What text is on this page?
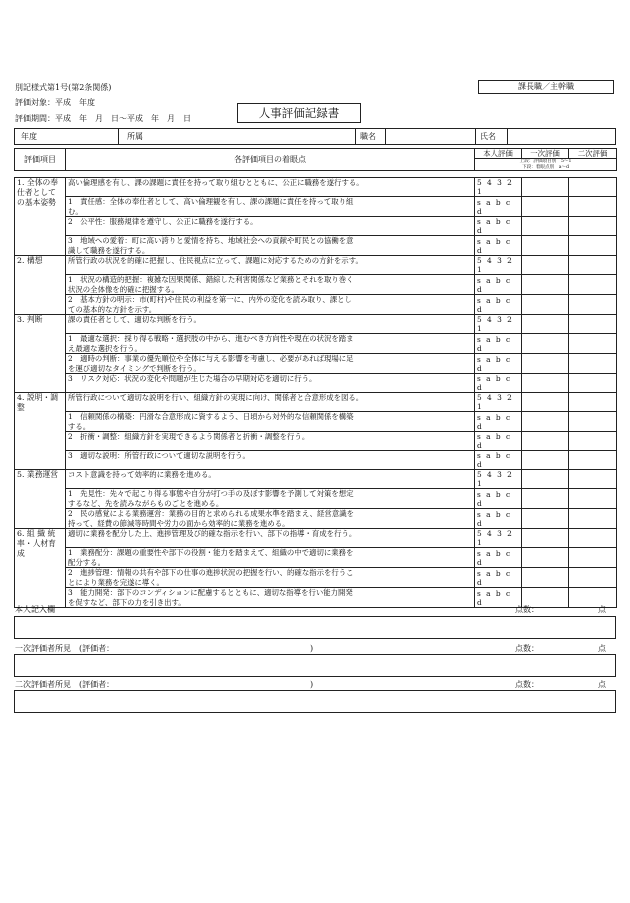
別記様式第1号(第2条関係)	課長職／主幹職
評価対象：平成　年度
評価期間：平成　年　月　日〜平成　年　月　日	人事評価記録書
年度	所属	職名	氏名
評価項目	各評価項目の着眼点	本人評価	一次評価	二次評価

上段：評価項目別　5〜1
下段：着眼点別　a〜d
1. 全体の奉
仕者として
の基本姿勢	高い倫理感を有し、課の課題に責任を持って取り組むとともに、公正に職務を遂行する。	5 4 3 2 1		

	1　責任感：全体の奉仕者として、高い倫理観を有し、課の課題に責任を持って取り組
む。	s a b c d		

	2　公平性：服務規律を遵守し、公正に職務を遂行する。	s a b c d		

	3　地域への愛着：町に高い誇りと愛情を持ち、地域社会への貢献や町民との協働を意
識して職務を遂行する。	s a b c d		

2. 構想	所管行政の状況を的確に把握し、住民視点に立って、課題に対応するための方針を示す。	5 4 3 2 1		

	1　状況の構造的把握：複雑な因果関係、錯綜した利害関係など業務とそれを取り巻く
状況の全体像を的確に把握する。	s a b c d		

	2　基本方針の明示：市(町村)や住民の利益を第一に、内外の変化を読み取り、課とし
ての基本的な方針を示す。	s a b c d		

3. 判断	課の責任者として、適切な判断を行う。	5 4 3 2 1		

	1　最適な選択：採り得る戦略・選択肢の中から、進むべき方向性や現在の状況を踏ま
え最適な選択を行う。	s a b c d		

	2　適時の判断：事業の優先順位や全体に与える影響を考慮し、必要があれば現場に足
を運び適切なタイミングで判断を行う。	s a b c d		

	3　リスク対応：状況の変化や問題が生じた場合の早期対応を適切に行う。	s a b c d		

4. 説明・調
整	所管行政について適切な説明を行い、組織方針の実現に向け、関係者と合意形成を図る。	5 4 3 2 1		

	1　信頼関係の構築：円滑な合意形成に資するよう、日頃から対外的な信頼関係を構築
する。	s a b c d		

	2　折衝・調整：組織方針を実現できるよう関係者と折衝・調整を行う。	s a b c d		

	3　適切な説明：所管行政について適切な説明を行う。	s a b c d		

5. 業務運営	コスト意識を持って効率的に業務を進める。	5 4 3 2 1		

	1　先見性：先々で起こり得る事態や自分が打つ手の及ぼす影響を予測して対策を想定
するなど、先を読みながらものごとを進める。	s a b c d		

	2　民の感覚による業務運営：業務の目的と求められる成果水準を踏まえ、経営意識を
持って、経費の節減等時間や労力の面から効率的に業務を進める。	s a b c d		

6. 組 織 統
率・人材育
成	適切に業務を配分した上、進捗管理及び的確な指示を行い、部下の指導・育成を行う。	5 4 3 2 1		

	1　業務配分：課題の重要性や部下の役割・能力を踏まえて、組織の中で適切に業務を
配分する。	s a b c d		

	2　進捗管理：情報の共有や部下の仕事の進捗状況の把握を行い、的確な指示を行うこ
とにより業務を完遂に導く。	s a b c d		

	3　能力開発：部下のコンディションに配慮するとともに、適切な指導を行い能力開発
を促すなど、部下の力を引き出す。	s a b c d		
本人記入欄	点数：	点
一次評価者所見　(評価者：	)	点数：	点
二次評価者所見　(評価者：	)	点数：	点
